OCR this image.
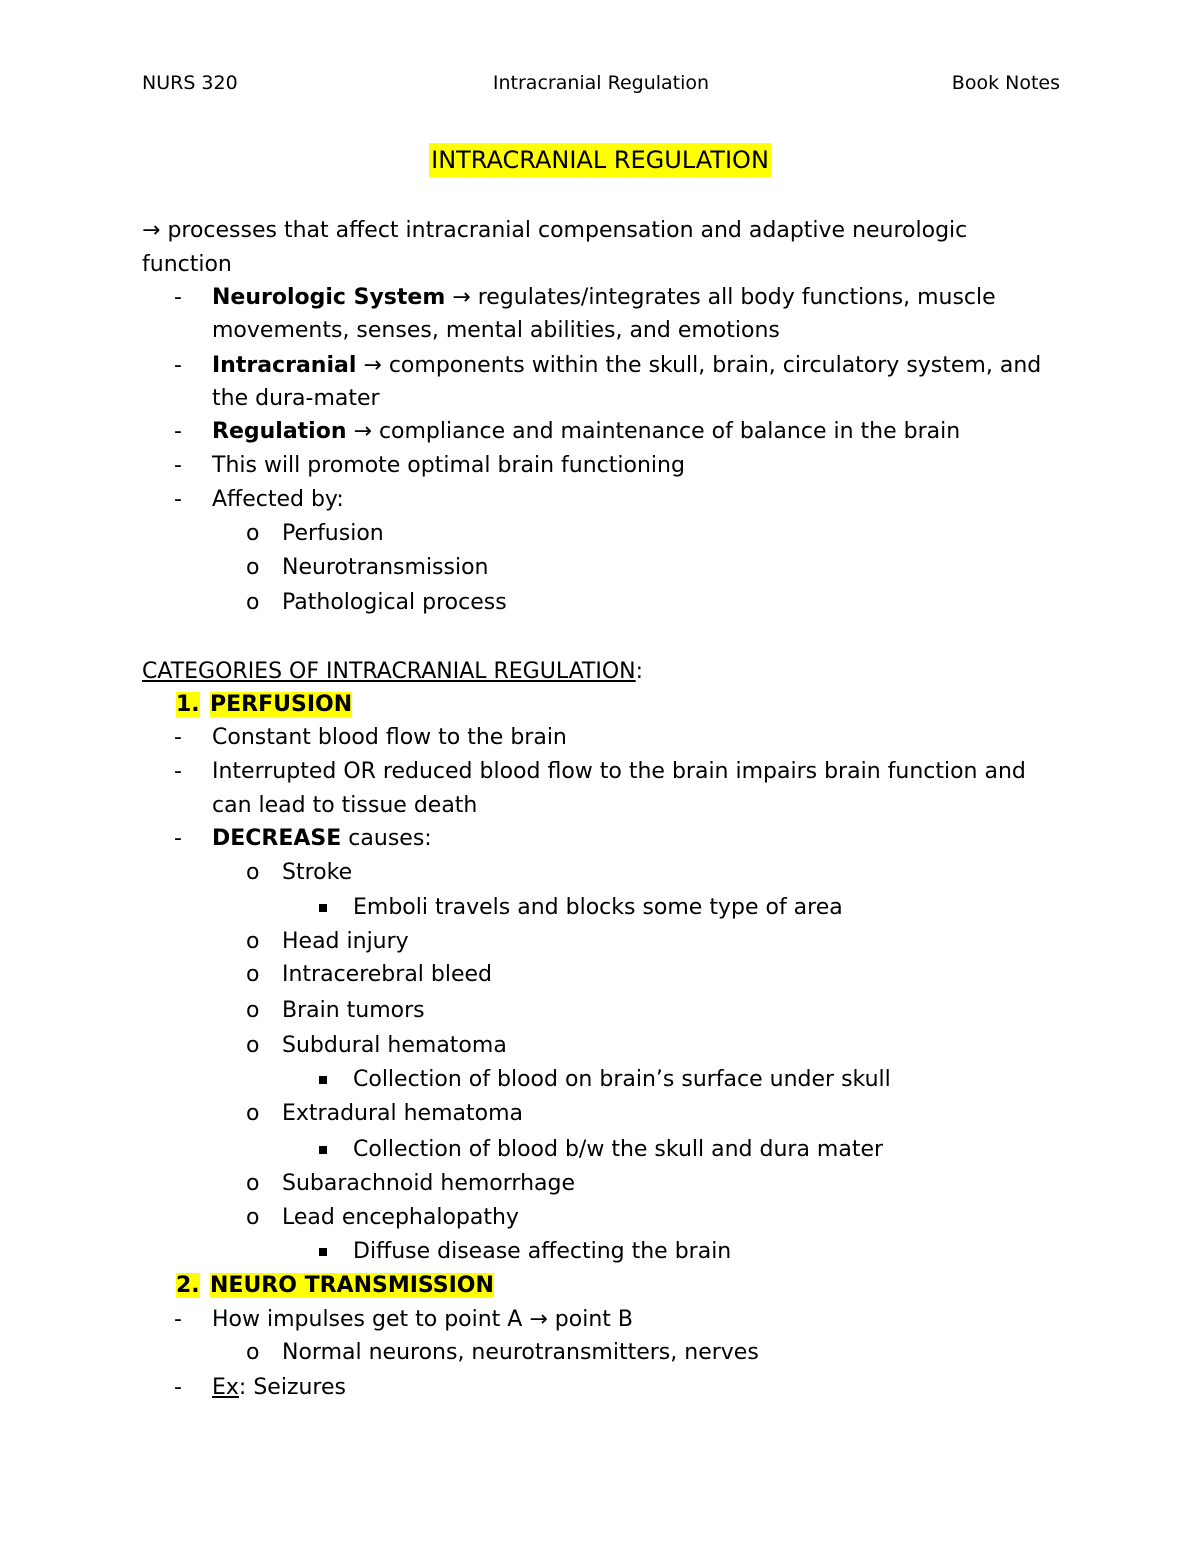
NURS 320	Intracranial Regulation	Book Notes
INTRACRANIAL REGULATION
→ processes that affect intracranial compensation and adaptive neurologic
function
- Neurologic System → regulates/integrates all body functions, muscle
movements, senses, mental abilities, and emotions
- Intracranial → components within the skull, brain, circulatory system, and
the dura-mater
- Regulation → compliance and maintenance of balance in the brain
- This will promote optimal brain functioning
- Affected by:
o Perfusion
o Neurotransmission
o Pathological process
CATEGORIES OF INTRACRANIAL REGULATION:
1. PERFUSION
- Constant blood flow to the brain
- Interrupted OR reduced blood flow to the brain impairs brain function and
can lead to tissue death
- DECREASE causes:
o Stroke
Emboli travels and blocks some type of area
o Head injury
o Intracerebral bleed
o Brain tumors
o Subdural hematoma
Collection of blood on brain’s surface under skull
o Extradural hematoma
Collection of blood b/w the skull and dura mater
o Subarachnoid hemorrhage
o Lead encephalopathy
Diffuse disease affecting the brain
2. NEURO TRANSMISSION
- How impulses get to point A → point B
o Normal neurons, neurotransmitters, nerves
- Ex: Seizures
